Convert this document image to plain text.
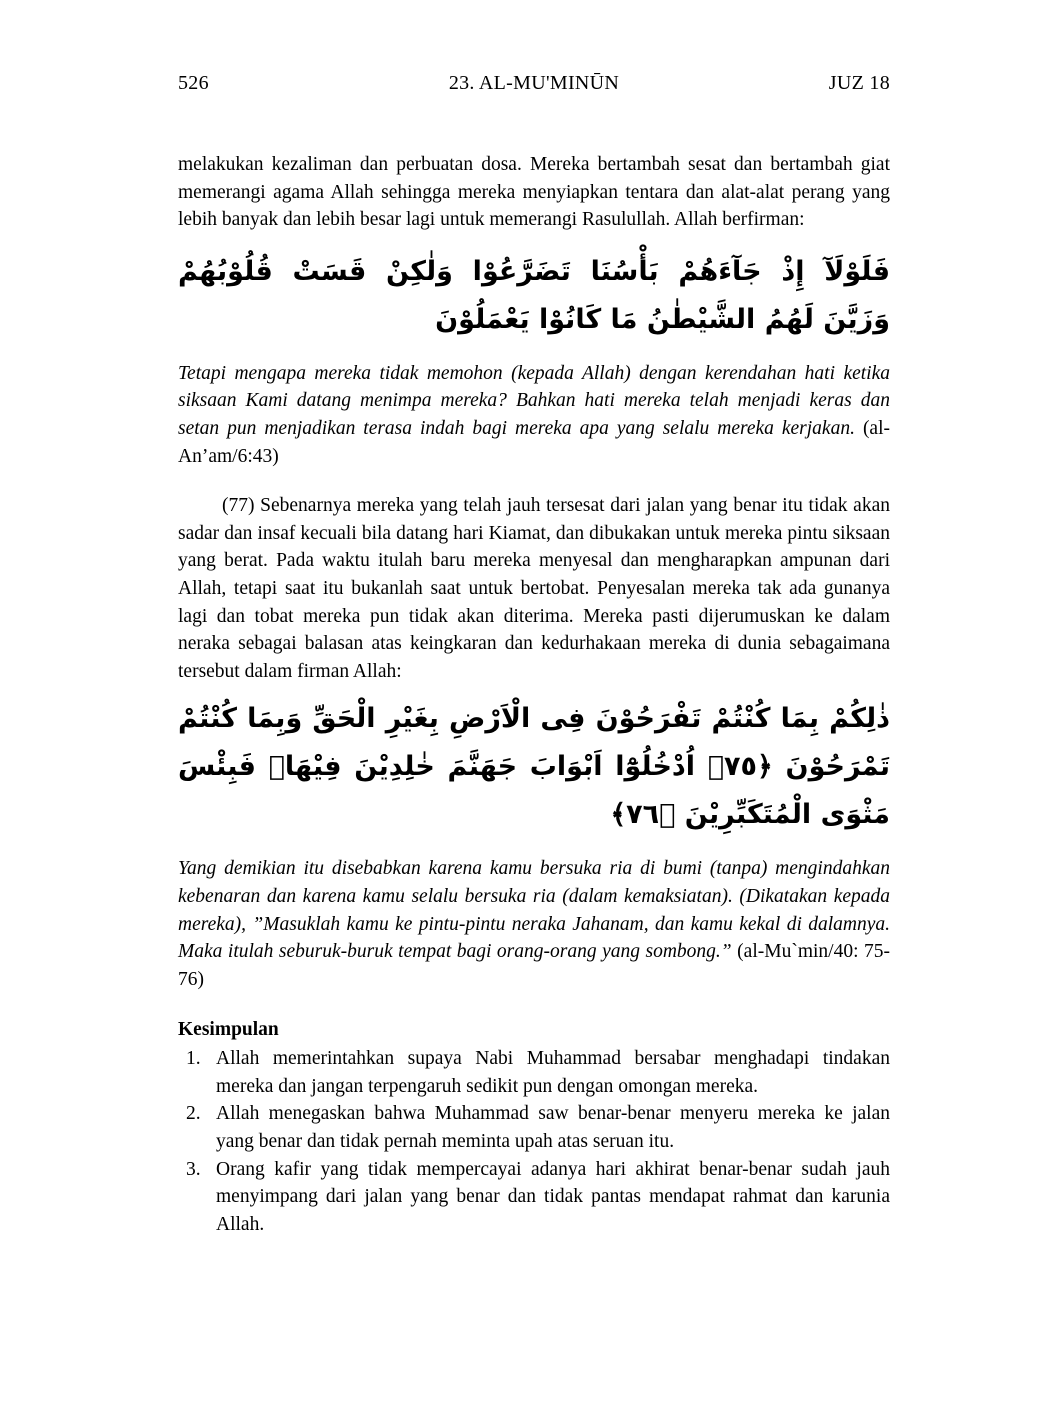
526	23. AL-MU'MINŪN	JUZ 18

melakukan kezaliman dan perbuatan dosa. Mereka bertambah sesat dan bertambah giat memerangi agama Allah sehingga mereka menyiapkan tentara dan alat-alat perang yang lebih banyak dan lebih besar lagi untuk memerangi Rasulullah. Allah berfirman:

فَلَوْلَآ إِذْ جَآءَهُمْ بَأْسُنَا تَضَرَّعُوْا وَلٰكِنْ قَسَتْ قُلُوْبُهُمْ وَزَيَّنَ لَهُمُ الشَّيْطٰنُ مَا كَانُوْا يَعْمَلُوْنَ

Tetapi mengapa mereka tidak memohon (kepada Allah) dengan kerendahan hati ketika siksaan Kami datang menimpa mereka? Bahkan hati mereka telah menjadi keras dan setan pun menjadikan terasa indah bagi mereka apa yang selalu mereka kerjakan. (al-An’am/6:43)

(77) Sebenarnya mereka yang telah jauh tersesat dari jalan yang benar itu tidak akan sadar dan insaf kecuali bila datang hari Kiamat, dan dibukakan untuk mereka pintu siksaan yang berat. Pada waktu itulah baru mereka menyesal dan mengharapkan ampunan dari Allah, tetapi saat itu bukanlah saat untuk bertobat. Penyesalan mereka tak ada gunanya lagi dan tobat mereka pun tidak akan diterima. Mereka pasti dijerumuskan ke dalam neraka sebagai balasan atas keingkaran dan kedurhakaan mereka di dunia sebagaimana tersebut dalam firman Allah:

ذٰلِكُمْ بِمَا كُنْتُمْ تَفْرَحُوْنَ فِى الْاَرْضِ بِغَيْرِ الْحَقِّ وَبِمَا كُنْتُمْ تَمْرَحُوْنَ ﴿٧٥﴾ اُدْخُلُوْٓا اَبْوَابَ جَهَنَّمَ خٰلِدِيْنَ فِيْهَاۚ فَبِئْسَ مَثْوَى الْمُتَكَبِّرِيْنَ ﴿٧٦﴾

Yang demikian itu disebabkan karena kamu bersuka ria di bumi (tanpa) mengindahkan kebenaran dan karena kamu selalu bersuka ria (dalam kemaksiatan). (Dikatakan kepada mereka), ”Masuklah kamu ke pintu-pintu neraka Jahanam, dan kamu kekal di dalamnya. Maka itulah seburuk-buruk tempat bagi orang-orang yang sombong.” (al-Mu`min/40: 75-76)

Kesimpulan
1. Allah memerintahkan supaya Nabi Muhammad bersabar menghadapi tindakan mereka dan jangan terpengaruh sedikit pun dengan omongan mereka.
2. Allah menegaskan bahwa Muhammad saw benar-benar menyeru mereka ke jalan yang benar dan tidak pernah meminta upah atas seruan itu.
3. Orang kafir yang tidak mempercayai adanya hari akhirat benar-benar sudah jauh menyimpang dari jalan yang benar dan tidak pantas mendapat rahmat dan karunia Allah.
